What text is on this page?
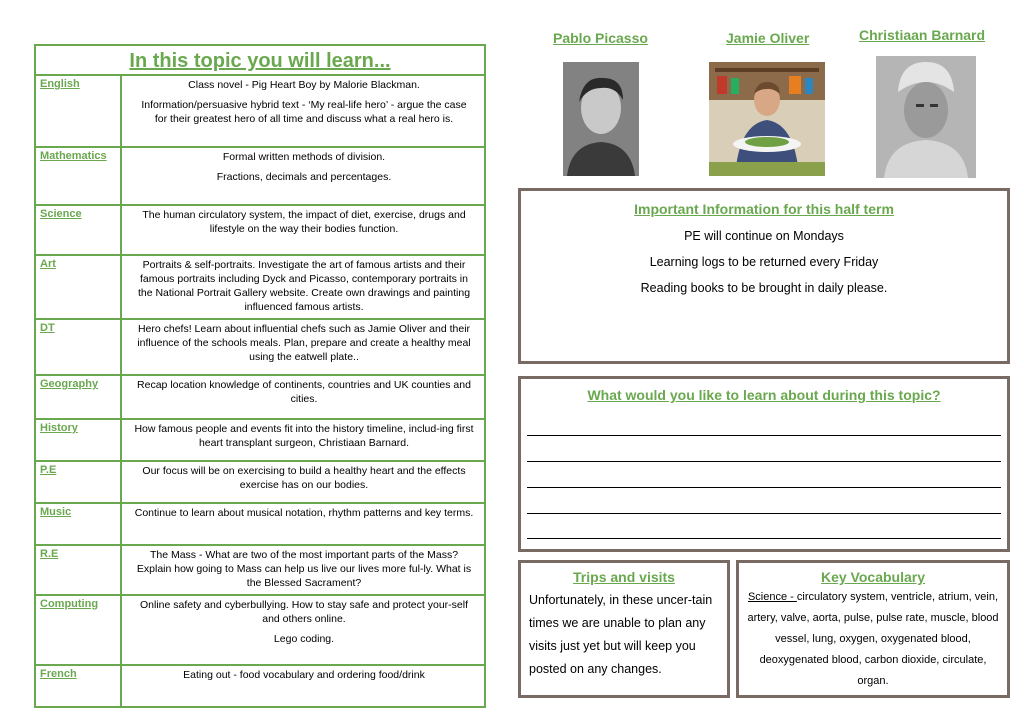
In this topic you will learn...
English	Class novel - Pig Heart Boy by Malorie Blackman.

Information/persuasive hybrid text - ‘My real-life hero’ - argue the case for their greatest hero of all time and discuss what a real hero is.

Mathematics	Formal written methods of division.

Fractions, decimals and percentages.

Science	The human circulatory system, the impact of diet, exercise, drugs and lifestyle on the way their bodies function.

Art	Portraits & self-portraits. Investigate the art of famous artists and their famous portraits including Dyck and Picasso, contemporary portraits in the National Portrait Gallery website. Create own drawings and painting influenced famous artists.

DT	Hero chefs! Learn about influential chefs such as Jamie Oliver and their influence of the schools meals. Plan, prepare and create a healthy meal using the eatwell plate..

Geography	Recap location knowledge of continents, countries and UK counties and cities.

History	How famous people and events fit into the history timeline, includ-ing first heart transplant surgeon, Christiaan Barnard.

P.E	Our focus will be on exercising to build a healthy heart and the effects exercise has on our bodies.

Music	Continue to learn about musical notation, rhythm patterns and key terms.

R.E	The Mass - What are two of the most important parts of the Mass? Explain how going to Mass can help us live our lives more ful-ly. What is the Blessed Sacrament?

Computing	Online safety and cyberbullying. How to stay safe and protect your-self and others online.

Lego coding.

French	Eating out - food vocabulary and ordering food/drink

Pablo Picasso	Jamie Oliver	Christiaan Barnard
Important Information for this half term
PE will continue on Mondays
Learning logs to be returned every Friday
Reading books to be brought in daily please.
What would you like to learn about during this topic?
Trips and visits
Unfortunately, in these uncer-tain times we are unable to plan any visits just yet but will keep you posted on any changes.
Key Vocabulary
Science - circulatory system, ventricle, atrium, vein, artery, valve, aorta, pulse, pulse rate, muscle, blood vessel, lung, oxygen, oxygenated blood, deoxygenated blood, carbon dioxide, circulate, organ.
